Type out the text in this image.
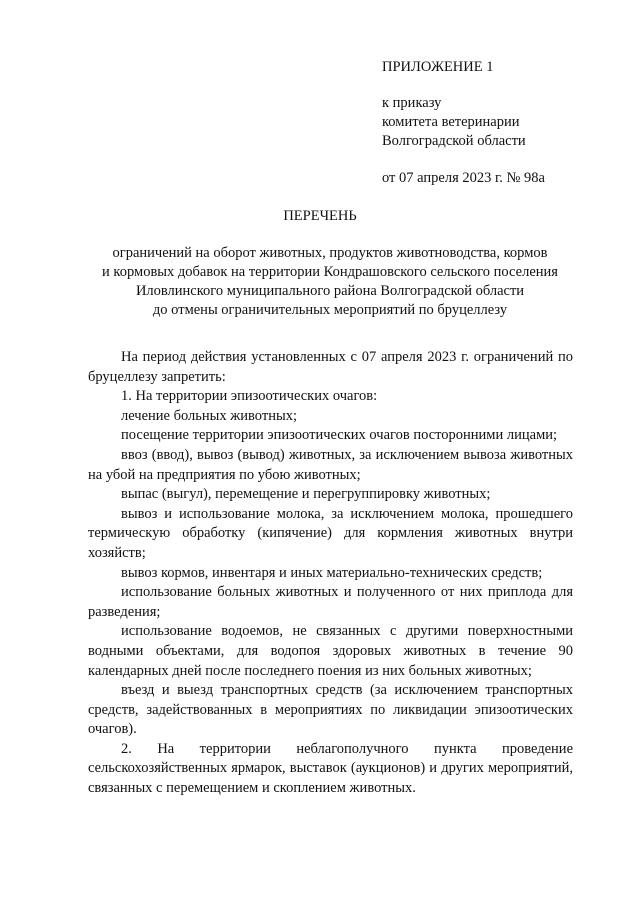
ПРИЛОЖЕНИЕ 1
к приказу
комитета ветеринарии
Волгоградской области
от 07 апреля 2023 г. № 98а
ПЕРЕЧЕНЬ
ограничений на оборот животных, продуктов животноводства, кормов
и кормовых добавок на территории Кондрашовского сельского поселения
Иловлинского муниципального района Волгоградской области
до отмены ограничительных мероприятий по бруцеллезу

На период действия установленных с 07 апреля 2023 г. ограничений по бруцеллезу запретить:

1. На территории эпизоотических очагов:

лечение больных животных;

посещение территории эпизоотических очагов посторонними лицами;

ввоз (ввод), вывоз (вывод) животных, за исключением вывоза животных на убой на предприятия по убою животных;

выпас (выгул), перемещение и перегруппировку животных;

вывоз и использование молока, за исключением молока, прошедшего термическую обработку (кипячение) для кормления животных внутри хозяйств;

вывоз кормов, инвентаря и иных материально-технических средств;

использование больных животных и полученного от них приплода для разведения;

использование водоемов, не связанных с другими поверхностными водными объектами, для водопоя здоровых животных в течение 90 календарных дней после последнего поения из них больных животных;

въезд и выезд транспортных средств (за исключением транспортных средств, задействованных в мероприятиях по ликвидации эпизоотических очагов).

2. На территории неблагополучного пункта проведение сельскохозяйственных ярмарок, выставок (аукционов) и других мероприятий, связанных с перемещением и скоплением животных.
